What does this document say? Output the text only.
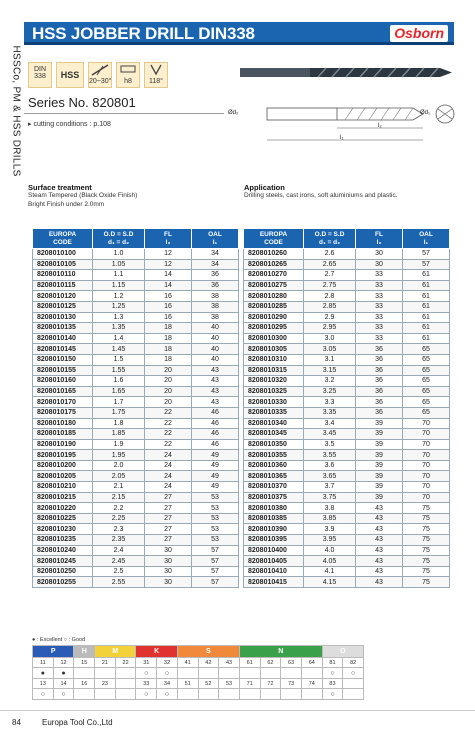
HSS JOBBER DRILL DIN338	Osborn
HSSCo, PM & HSS DRILLS	DIN
338	HSS
20~30°	h8	118°
Series No. 820801
▸ cutting conditions : p.108
Ød₂	Ød₁
l₂
l₁
Surface treatment
Steam Tempered (Black Oxide Finish)
Bright Finish under 2.0mm
Application
Drilling steels, cast irons, soft aluminiums and plastic.
EUROPA
CODE	O.D = S.D
d₁ = d₂	FL
l₂	OAL
l₁
8208010100	1.0	12	34
8208010105	1.05	12	34
8208010110	1.1	14	36
8208010115	1.15	14	36
8208010120	1.2	16	38
8208010125	1.25	16	38
8208010130	1.3	16	38
8208010135	1.35	18	40
8208010140	1.4	18	40
8208010145	1.45	18	40
8208010150	1.5	18	40
8208010155	1.55	20	43
8208010160	1.6	20	43
8208010165	1.65	20	43
8208010170	1.7	20	43
8208010175	1.75	22	46
8208010180	1.8	22	46
8208010185	1.85	22	46
8208010190	1.9	22	46
8208010195	1.95	24	49
8208010200	2.0	24	49
8208010205	2.05	24	49
8208010210	2.1	24	49
8208010215	2.15	27	53
8208010220	2.2	27	53
8208010225	2.25	27	53
8208010230	2.3	27	53
8208010235	2.35	27	53
8208010240	2.4	30	57
8208010245	2.45	30	57
8208010250	2.5	30	57
8208010255	2.55	30	57
EUROPA
CODE	O.D = S.D
d₁ = d₂	FL
l₂	OAL
l₁
8208010260	2.6	30	57
8208010265	2.65	30	57
8208010270	2.7	33	61
8208010275	2.75	33	61
8208010280	2.8	33	61
8208010285	2.85	33	61
8208010290	2.9	33	61
8208010295	2.95	33	61
8208010300	3.0	33	61
8208010305	3.05	36	65
8208010310	3.1	36	65
8208010315	3.15	36	65
8208010320	3.2	36	65
8208010325	3.25	36	65
8208010330	3.3	36	65
8208010335	3.35	36	65
8208010340	3.4	39	70
8208010345	3.45	39	70
8208010350	3.5	39	70
8208010355	3.55	39	70
8208010360	3.6	39	70
8208010365	3.65	39	70
8208010370	3.7	39	70
8208010375	3.75	39	70
8208010380	3.8	43	75
8208010385	3.85	43	75
8208010390	3.9	43	75
8208010395	3.95	43	75
8208010400	4.0	43	75
8208010405	4.05	43	75
8208010410	4.1	43	75
8208010415	4.15	43	75
● : Excellent ○ : Good
P		H	M		K		S			N				O	
11	12	15	21	22	31	32	41	42	43	61	62	63	64	81	82
●	●				○	○								○	○
13	14	16	23		33	34	51	52	53	71	72	73	74	83	
○	○				○	○								○	
84	Europa Tool Co.,Ltd
